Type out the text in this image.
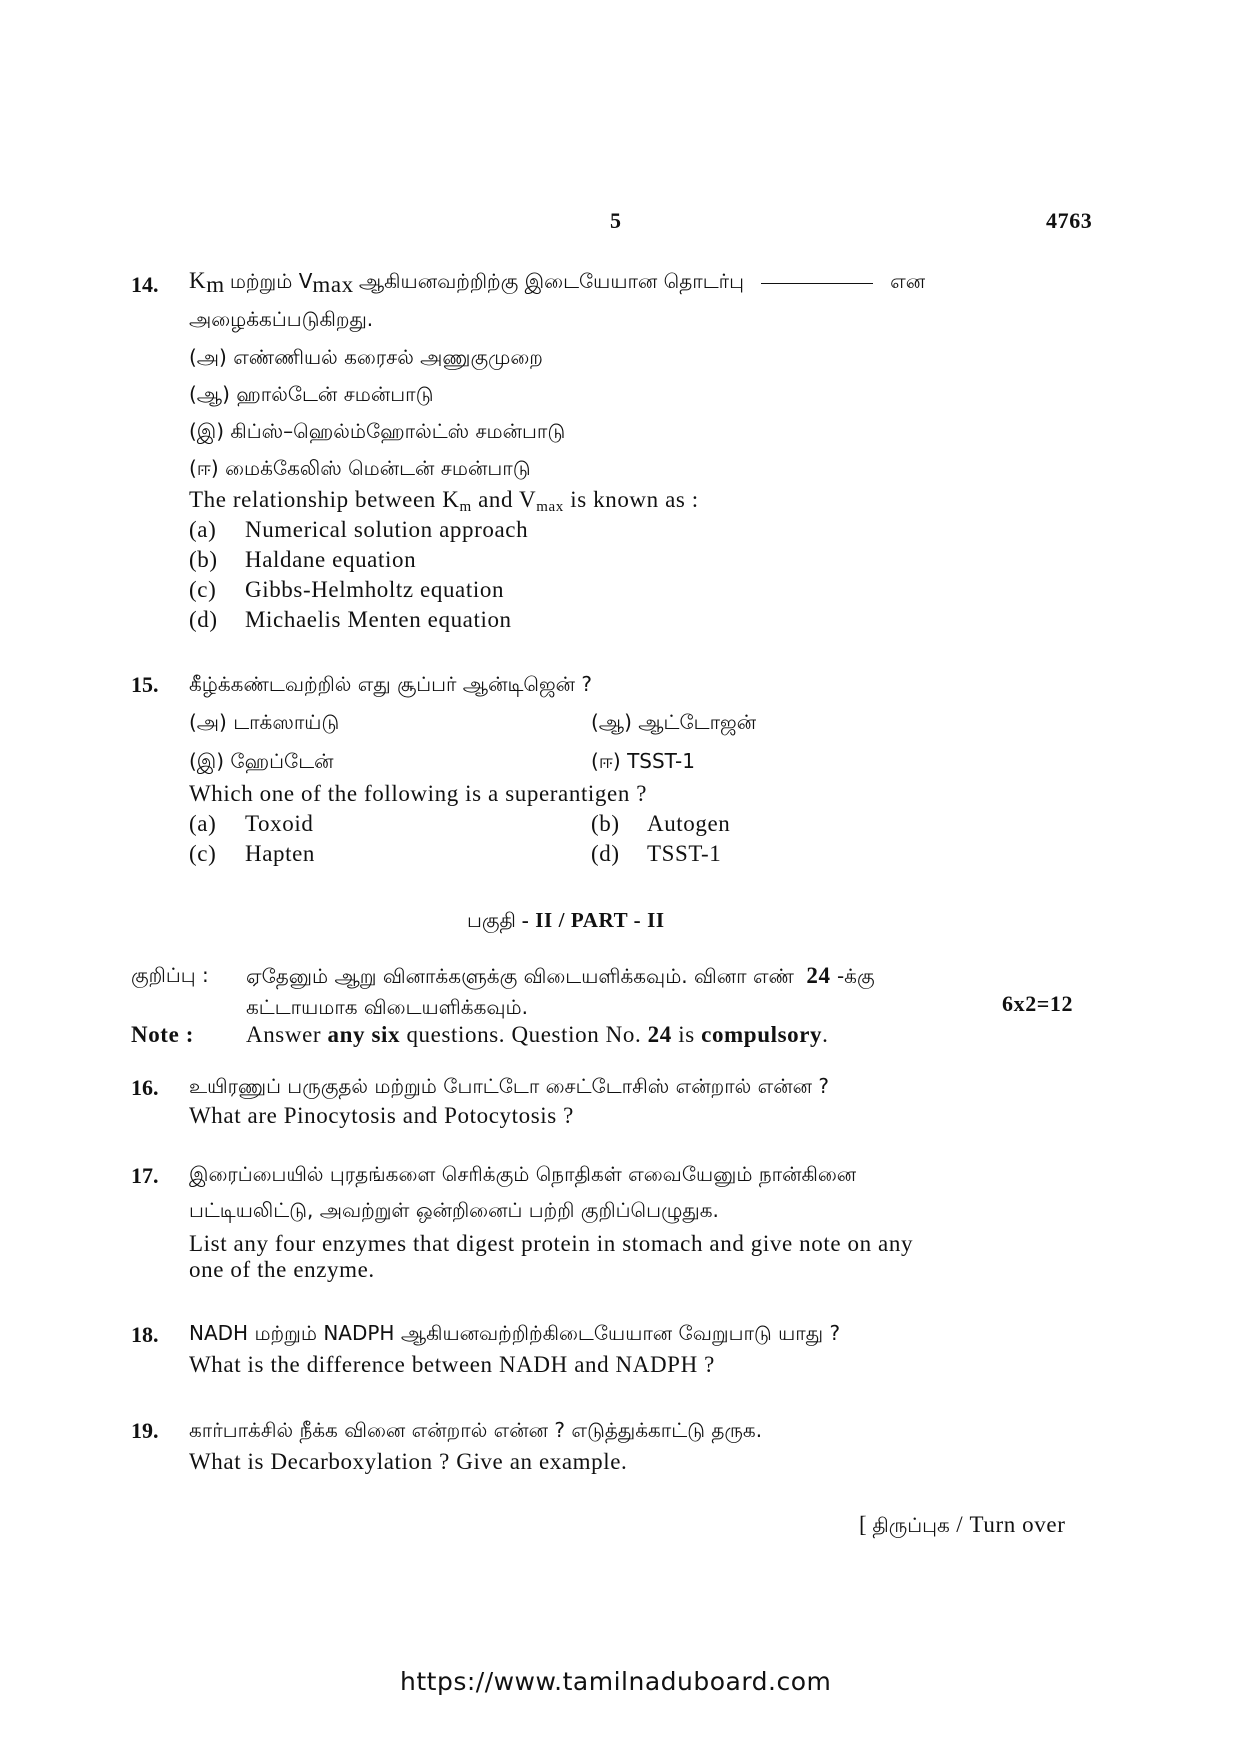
5	4763
14. $K_m$ மற்றும் $V_{max}$ ஆகியனவற்றிற்கு இடையேயான தொடர்பு	என
அழைக்கப்படுகிறது.
(அ) எண்ணியல் கரைசல் அணுகுமுறை
(ஆ) ஹால்டேன் சமன்பாடு
(இ) கிப்ஸ்–ஹெல்ம்ஹோல்ட்ஸ் சமன்பாடு
(ஈ) மைக்கேலிஸ் மென்டன் சமன்பாடு
The relationship between $K_m$ and $V_{max}$ is known as :
(a) Numerical solution approach
(b) Haldane equation
(c) Gibbs-Helmholtz equation
(d) Michaelis Menten equation
15. கீழ்க்கண்டவற்றில் எது சூப்பர் ஆன்டிஜென் ?
(அ) டாக்ஸாய்டு	(ஆ) ஆட்டோஜன்
(இ) ஹேப்டேன்	(ஈ) TSST-1
Which one of the following is a superantigen ?
(a) Toxoid	(b) Autogen
(c) Hapten	(d) TSST-1
பகுதி - II / PART - II
குறிப்பு : ஏதேனும் ஆறு வினாக்களுக்கு விடையளிக்கவும். வினா எண் 24 -க்கு
கட்டாயமாக விடையளிக்கவும்.	6x2=12
Note : Answer any six questions. Question No. 24 is compulsory.
16. உயிரணுப் பருகுதல் மற்றும் போட்டோ சைட்டோசிஸ் என்றால் என்ன ?
What are Pinocytosis and Potocytosis ?
17. இரைப்பையில் புரதங்களை செரிக்கும் நொதிகள் எவையேனும் நான்கினை
பட்டியலிட்டு, அவற்றுள் ஒன்றினைப் பற்றி குறிப்பெழுதுக.
List any four enzymes that digest protein in stomach and give note on any
one of the enzyme.
18. NADH மற்றும் NADPH ஆகியனவற்றிற்கிடையேயான வேறுபாடு யாது ?
What is the difference between NADH and NADPH ?
19. கார்பாக்சில் நீக்க வினை என்றால் என்ன ? எடுத்துக்காட்டு தருக.
What is Decarboxylation ? Give an example.
[ திருப்புக / Turn over
https://www.tamilnaduboard.com
